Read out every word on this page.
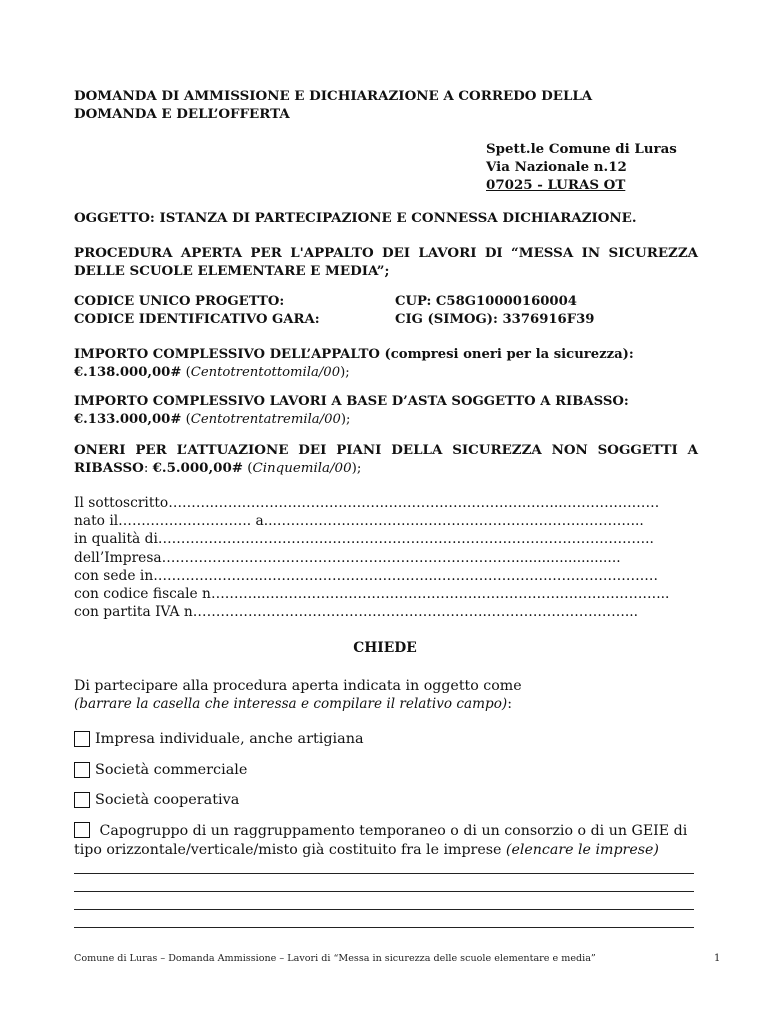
DOMANDA DI AMMISSIONE E DICHIARAZIONE A CORREDO DELLA
DOMANDA E DELL’OFFERTA
Spett.le Comune di Luras
Via Nazionale n.12
07025 - LURAS OT
OGGETTO: ISTANZA DI PARTECIPAZIONE E CONNESSA DICHIARAZIONE.
PROCEDURA APERTA PER L'APPALTO DEI LAVORI DI “MESSA IN SICUREZZA
DELLE SCUOLE ELEMENTARE E MEDIA”;
CODICE UNICO PROGETTO:	CUP: C58G10000160004
CODICE IDENTIFICATIVO GARA:	CIG (SIMOG): 3376916F39
IMPORTO COMPLESSIVO DELL’APPALTO (compresi oneri per la sicurezza):
€.138.000,00# (Centotrentottomila/00);
IMPORTO COMPLESSIVO LAVORI A BASE D’ASTA SOGGETTO A RIBASSO:
€.133.000,00# (Centotrentatremila/00);
ONERI PER L’ATTUAZIONE DEI PIANI DELLA SICUREZZA NON SOGGETTI A
RIBASSO: €.5.000,00# (Cinquemila/00);
Il sottoscritto……….……………………………….………………………….……..…………………
nato il……………………….. a...…………………………..………………………………………...
in qualità di……………………………….……………………………………………………………..
dell’Impresa………………………………………….……………………….........................
con sede in…………………...………………………………..…………………………………………
con codice fiscale n………...……………………………………….…………………………………...
con partita IVA n……………………………………………………….…………………………...
CHIEDE
Di partecipare alla procedura aperta indicata in oggetto come
(barrare la casella che interessa e compilare il relativo campo):
Impresa individuale, anche artigiana
Società commerciale
Società cooperativa
Capogruppo di un raggruppamento temporaneo o di un consorzio o di un GEIE di tipo orizzontale/verticale/misto già costituito fra le imprese (elencare le imprese)
Comune di Luras – Domanda Ammissione – Lavori di “Messa in sicurezza delle scuole elementare e media”	1
